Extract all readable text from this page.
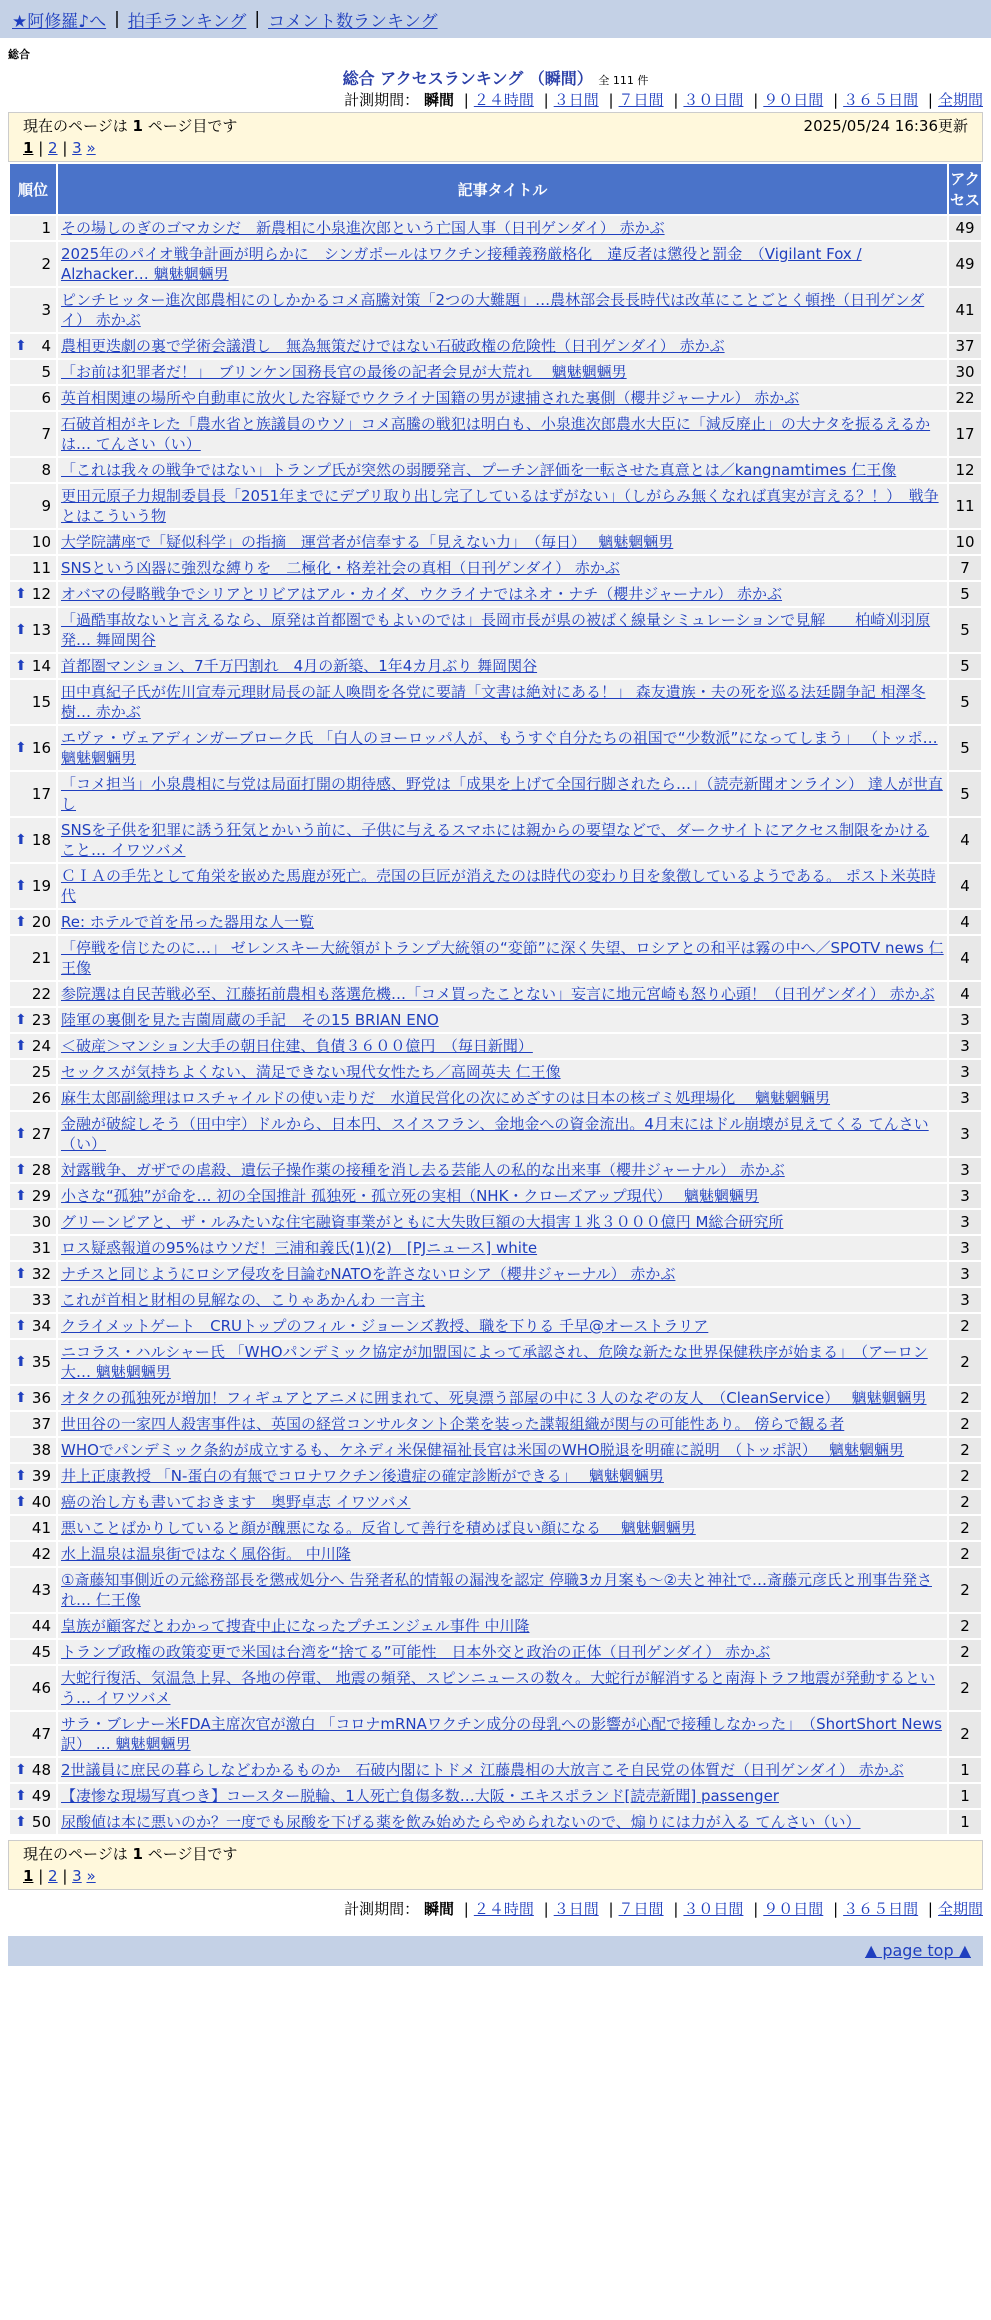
★阿修羅♪へ | 拍手ランキング | コメント数ランキング
総合
総合 アクセスランキング （瞬間） 全 111 件
計測期間： 瞬間 | ２４時間 | ３日間 | ７日間 | ３０日間 | ９０日間 | ３６５日間 | 全期間
現在のページは 1 ページ目です	2025/05/24 16:36更新
1 | 2 | 3 »
順位	記事タイトル	アクセス
1	その場しのぎのゴマカシだ　新農相に小泉進次郎という亡国人事（日刊ゲンダイ） 赤かぶ	49
2	2025年のパイオ戦争計画が明らかに　シンガポールはワクチン接種義務厳格化　違反者は懲役と罰金　（Vigilant Fox / Alzhacker… 魑魅魍魎男	49
3	ピンチヒッター進次郎農相にのしかかるコメ高騰対策「2つの大難題」…農林部会長長時代は改革にことごとく頓挫（日刊ゲンダイ） 赤かぶ	41

⬆ 4	農相更迭劇の裏で学術会議潰し　無為無策だけではない石破政権の危険性（日刊ゲンダイ） 赤かぶ	37
5	「お前は犯罪者だ！」　ブリンケン国務長官の最後の記者会見が大荒れ　 魑魅魍魎男	30
6	英首相関連の場所や自動車に放火した容疑でウクライナ国籍の男が逮捕された裏側（櫻井ジャーナル） 赤かぶ	22
7	石破首相がキレた「農水省と族議員のウソ」コメ高騰の戦犯は明白も、小泉進次郎農水大臣に「減反廃止」の大ナタを振るえるかは… てんさい（い）	17
8	「これは我々の戦争ではない」トランプ氏が突然の弱腰発言、プーチン評価を一転させた真意とは／kangnamtimes 仁王像	12
9	更田元原子力規制委員長「2051年までにデブリ取り出し完了しているはずがない」（しがらみ無くなれば真実が言える？！）　戦争とはこういう物	11
10	大学院講座で「疑似科学」の指摘　運営者が信奉する「見えない力」　（毎日）　 魑魅魍魎男	10
11	SNSという凶器に強烈な縛りを　二極化・格差社会の真相（日刊ゲンダイ） 赤かぶ	7

⬆ 12	オバマの侵略戦争でシリアとリビアはアル・カイダ、ウクライナではネオ・ナチ（櫻井ジャーナル） 赤かぶ	5

⬆ 13	「過酷事故ないと言えるなら、原発は首都圏でもよいのでは」長岡市長が県の被ばく線量シミュレーションで見解　　柏崎刈羽原発… 舞岡関谷	5

⬆ 14	首都圏マンション、7千万円割れ　4月の新築、1年4カ月ぶり 舞岡関谷	5
15	田中真紀子氏が佐川宣寿元理財局長の証人喚問を各党に要請「文書は絶対にある！」 森友遺族・夫の死を巡る法廷闘争記 相澤冬樹… 赤かぶ	5

⬆ 16	エヴァ・ヴェアディンガーブローク氏 「白人のヨーロッパ人が、もうすぐ自分たちの祖国で“少数派”になってしまう」 （トッポ… 魑魅魍魎男	5
17	「コメ担当」小泉農相に与党は局面打開の期待感、野党は「成果を上げて全国行脚されたら…」（読売新聞オンライン） 達人が世直し	5

⬆ 18	SNSを子供を犯罪に誘う狂気とかいう前に、子供に与えるスマホには親からの要望などで、ダークサイトにアクセス制限をかけること… イワツバメ	4

⬆ 19	ＣＩＡの手先として角栄を嵌めた馬鹿が死亡。売国の巨匠が消えたのは時代の変わり目を象徴しているようである。 ポスト米英時代	4

⬆ 20	Re: ホテルで首を吊った器用な人一覧	4
21	「停戦を信じたのに…」 ゼレンスキー大統領がトランプ大統領の“変節”に深く失望、ロシアとの和平は霧の中へ／SPOTV news 仁王像	4
22	参院選は自民苦戦必至、江藤拓前農相も落選危機…「コメ買ったことない」妄言に地元宮崎も怒り心頭！（日刊ゲンダイ） 赤かぶ	4

⬆ 23	陸軍の裏側を見た吉薗周蔵の手記　その15 BRIAN ENO	3

⬆ 24	＜破産＞マンション大手の朝日住建、負債３６００億円　（毎日新聞）	3
25	セックスが気持ちよくない、満足できない現代女性たち／高岡英夫 仁王像	3
26	麻生太郎副総理はロスチャイルドの使い走りだ　水道民営化の次にめざすのは日本の核ゴミ処理場化　 魑魅魍魎男	3

⬆ 27	金融が破綻しそう（田中宇）ドルから、日本円、スイスフラン、金地金への資金流出。4月末にはドル崩壊が見えてくる てんさい（い）	3

⬆ 28	対露戦争、ガザでの虐殺、遺伝子操作薬の接種を消し去る芸能人の私的な出来事（櫻井ジャーナル） 赤かぶ	3

⬆ 29	小さな“孤独”が命を… 初の全国推計 孤独死・孤立死の実相（NHK・クローズアップ現代）　 魑魅魍魎男	3
30	グリーンピアと、ザ・ルみたいな住宅融資事業がともに大失敗巨額の大損害１兆３０００億円 M総合研究所	3
31	ロス疑惑報道の95%はウソだ！三浦和義氏(1)(2)　[PJニュース] white	3

⬆ 32	ナチスと同じようにロシア侵攻を目論むNATOを許さないロシア（櫻井ジャーナル） 赤かぶ	3
33	これが首相と財相の見解なの、こりゃあかんわ 一言主	3

⬆ 34	クライメットゲート　CRUトップのフィル・ジョーンズ教授、職を下りる 千早@オーストラリア	2

⬆ 35	ニコラス・ハルシャー氏 「WHOパンデミック協定が加盟国によって承認され、危険な新たな世界保健秩序が始まる」　（アーロン大… 魑魅魍魎男	2

⬆ 36	オタクの孤独死が増加！フィギュアとアニメに囲まれて、死臭漂う部屋の中に３人のなぞの友人　（CleanService）　 魑魅魍魎男	2
37	世田谷の一家四人殺害事件は、英国の経営コンサルタント企業を装った諜報組織が関与の可能性あり。 傍らで観る者	2
38	WHOでパンデミック条約が成立するも、ケネディ米保健福祉長官は米国のWHO脱退を明確に説明　（トッポ訳）　 魑魅魍魎男	2

⬆ 39	井上正康教授 「N-蛋白の有無でコロナワクチン後遺症の確定診断ができる」　 魑魅魍魎男	2

⬆ 40	癌の治し方も書いておきます　奥野卓志 イワツバメ	2
41	悪いことばかりしていると顔が醜悪になる。反省して善行を積めば良い顔になる　 魑魅魍魎男	2
42	水上温泉は温泉街ではなく風俗街。 中川隆	2
43	①斎藤知事側近の元総務部長を懲戒処分へ 告発者私的情報の漏洩を認定 停職3カ月案も～②夫と神社で…斎藤元彦氏と刑事告発され… 仁王像	2
44	皇族が顧客だとわかって捜査中止になったプチエンジェル事件 中川隆	2
45	トランプ政権の政策変更で米国は台湾を“捨てる”可能性　日本外交と政治の正体（日刊ゲンダイ） 赤かぶ	2
46	大蛇行復活、気温急上昇、各地の停電、 地震の頻発、スピンニュースの数々。大蛇行が解消すると南海トラフ地震が発動するという… イワツバメ	2
47	サラ・ブレナー米FDA主席次官が激白 「コロナmRNAワクチン成分の母乳への影響が心配で接種しなかった」　（ShortShort News訳） … 魑魅魍魎男	2

⬆ 48	2世議員に庶民の暮らしなどわかるものか　石破内閣にトドメ 江藤農相の大放言こそ自民党の体質だ（日刊ゲンダイ） 赤かぶ	1

⬆ 49	【凄惨な現場写真つき】コースター脱輪、1人死亡負傷多数…大阪・エキスポランド[読売新聞] passenger	1

⬆ 50	尿酸値は本に悪いのか？一度でも尿酸を下げる薬を飲み始めたらやめられないので、煽りには力が入る てんさい（い）	1
現在のページは 1 ページ目です
1 | 2 | 3 »
計測期間： 瞬間 | ２４時間 | ３日間 | ７日間 | ３０日間 | ９０日間 | ３６５日間 | 全期間
▲ page top ▲
